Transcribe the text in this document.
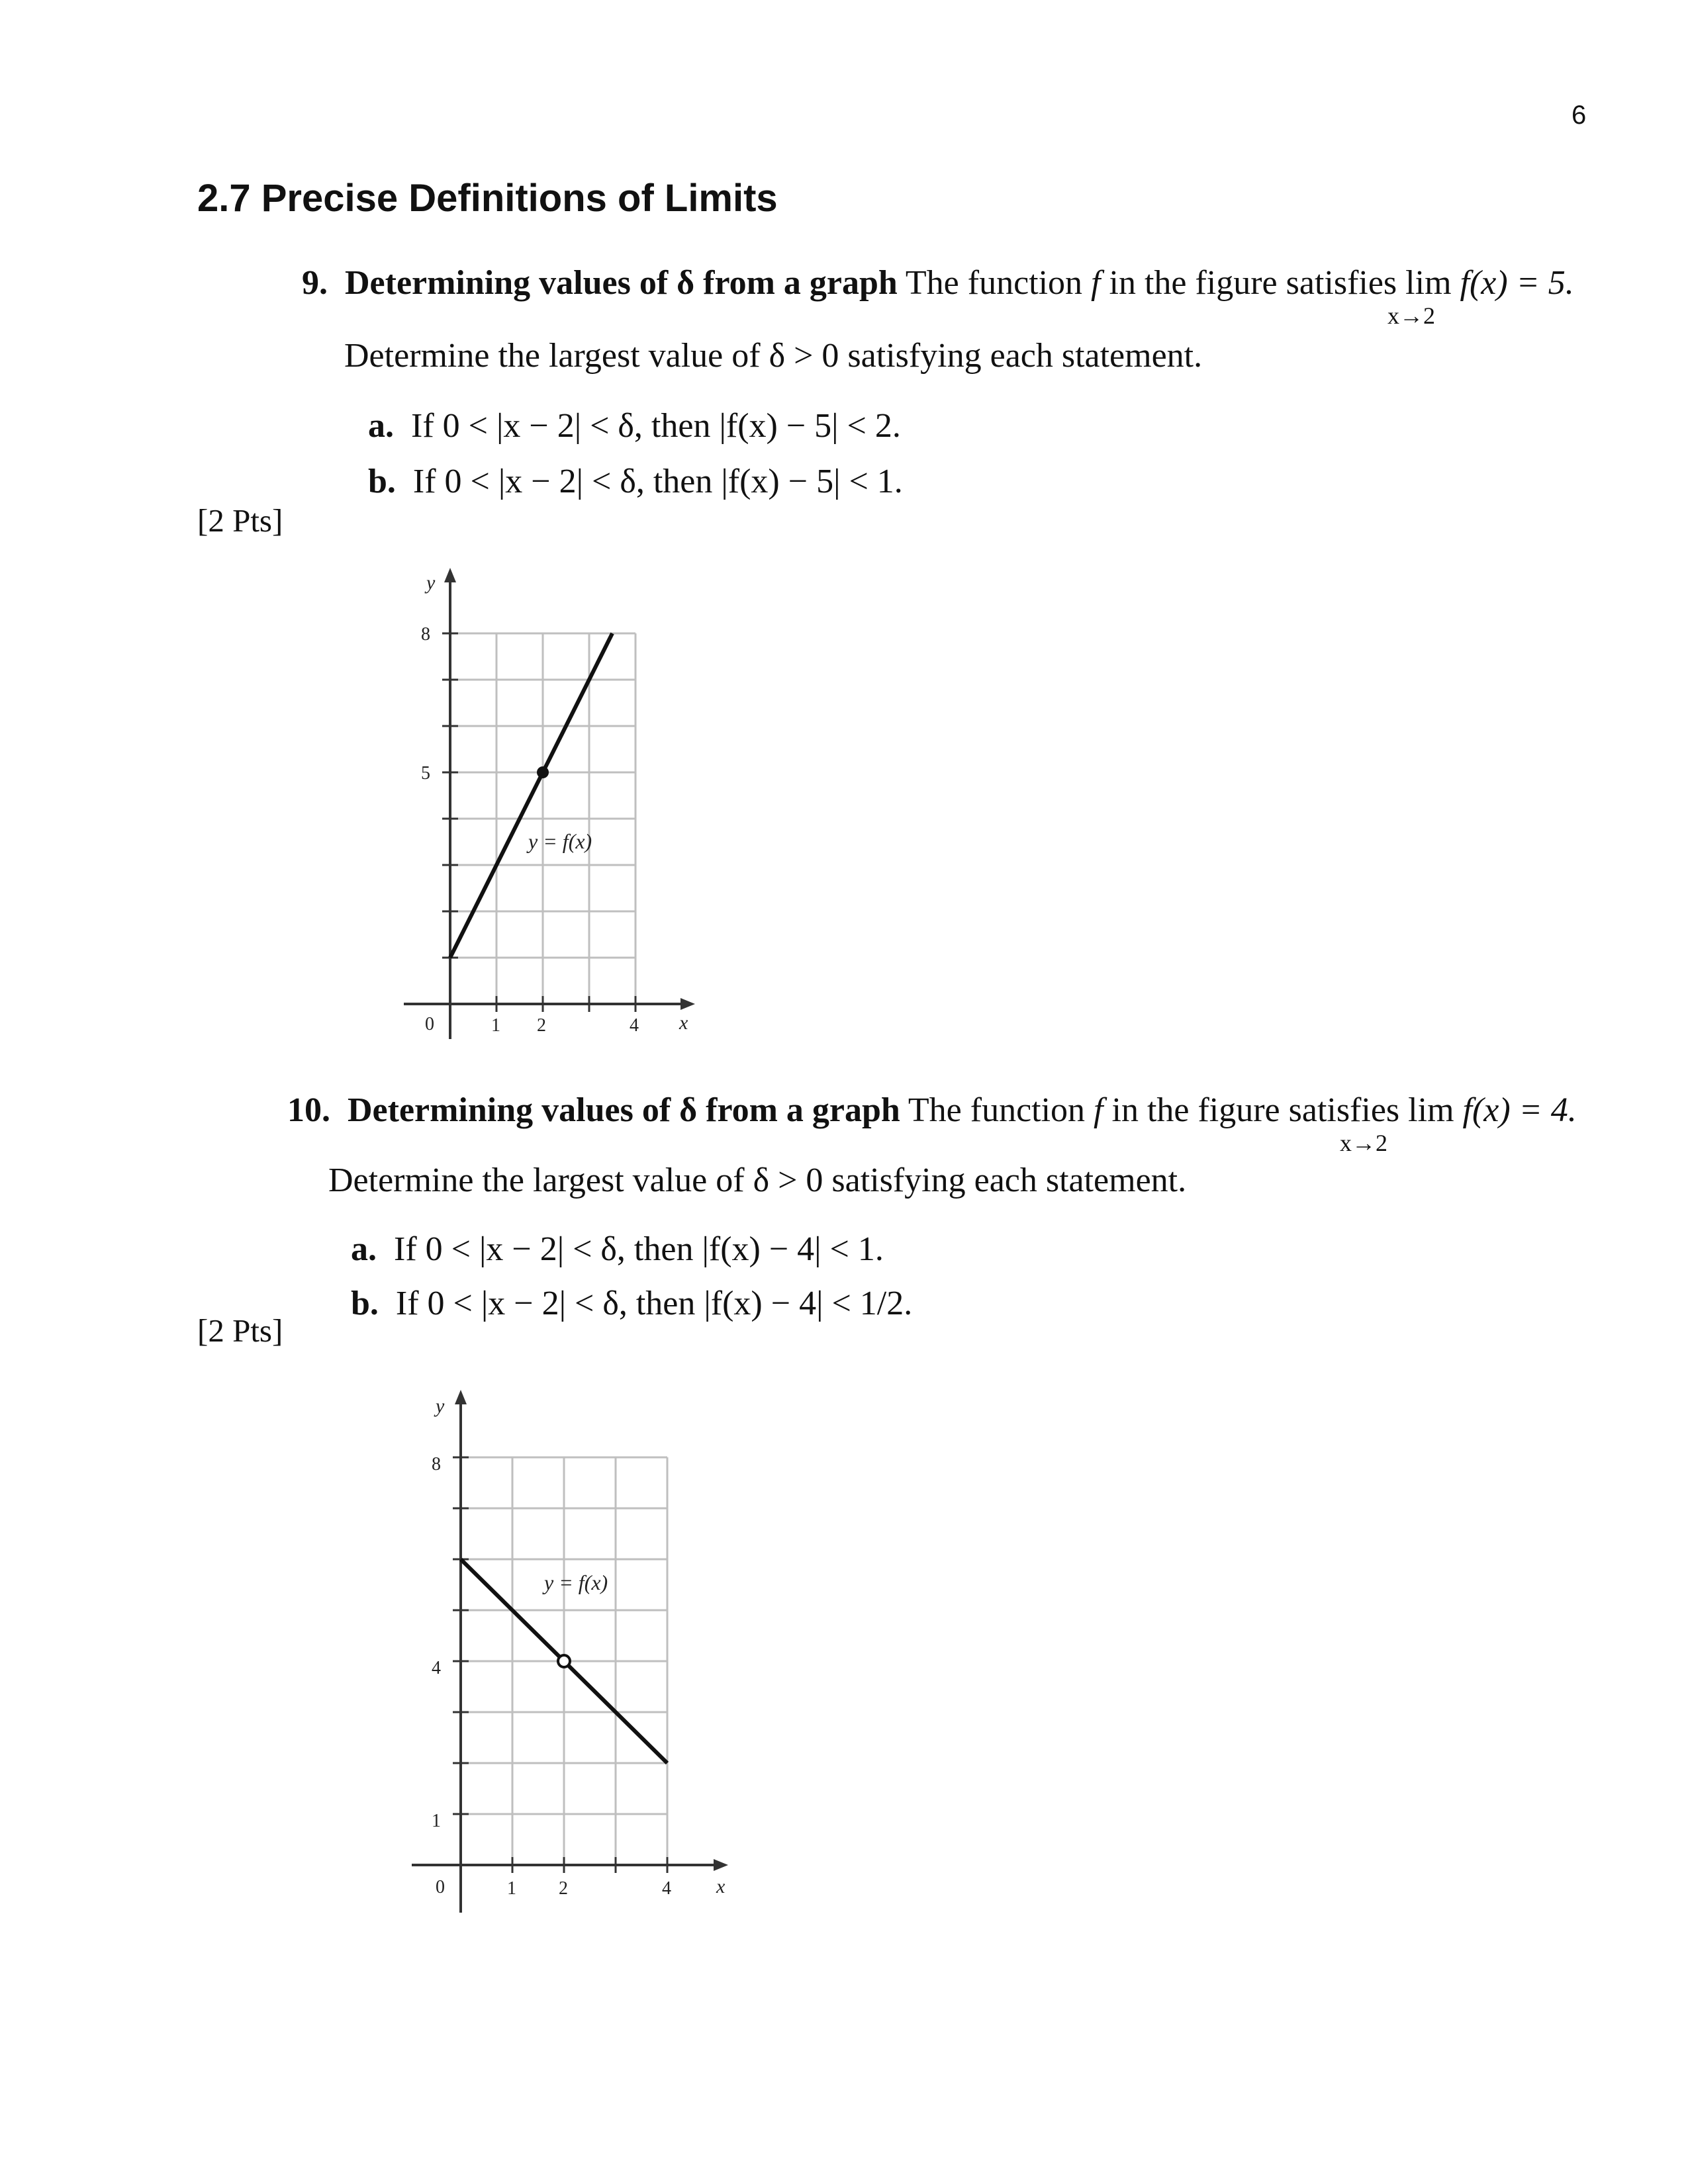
6
2.7 Precise Definitions of Limits
9. Determining values of δ from a graph The function f in the figure satisfies lim f(x) = 5.
x→2
Determine the largest value of δ > 0 satisfying each statement.
a. If 0 < |x − 2| < δ, then |f(x) − 5| < 2.
b. If 0 < |x − 2| < δ, then |f(x) − 5| < 1.
[2 Pts]
y
x
5
8
0	1 2	4
y = f(x)
10. Determining values of δ from a graph The function f in the figure satisfies lim f(x) = 4.
x→2
Determine the largest value of δ > 0 satisfying each statement.
a. If 0 < |x − 2| < δ, then |f(x) − 4| < 1.
b. If 0 < |x − 2| < δ, then |f(x) − 4| < 1/2.
[2 Pts]
y
x
1
4
8
0	1 2	4
y = f(x)
